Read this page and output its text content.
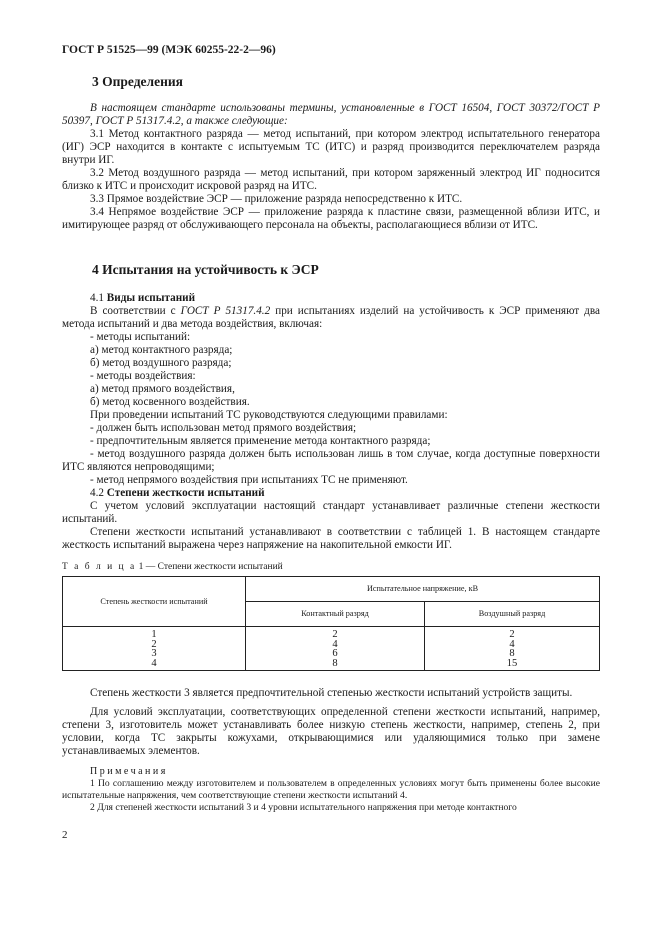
ГОСТ Р 51525—99 (МЭК 60255-22-2—96)
3 Определения

В настоящем стандарте использованы термины, установленные в ГОСТ 16504, ГОСТ 30372/ГОСТ Р 50397, ГОСТ Р 51317.4.2, а также следующие:

3.1 Метод контактного разряда — метод испытаний, при котором электрод испытательного генератора (ИГ) ЭСР находится в контакте с испытуемым ТС (ИТС) и разряд производится переключателем разряда внутри ИГ.

3.2 Метод воздушного разряда — метод испытаний, при котором заряженный электрод ИГ подносится близко к ИТС и происходит искровой разряд на ИТС.

3.3 Прямое воздействие ЭСР — приложение разряда непосредственно к ИТС.

3.4 Непрямое воздействие ЭСР — приложение разряда к пластине связи, размещенной вблизи ИТС, и имитирующее разряд от обслуживающего персонала на объекты, располагающиеся вблизи от ИТС.

4 Испытания на устойчивость к ЭСР

4.1 Виды испытаний

В соответствии с ГОСТ Р 51317.4.2 при испытаниях изделий на устойчивость к ЭСР применяют два метода испытаний и два метода воздействия, включая:

- методы испытаний:

а) метод контактного разряда;

б) метод воздушного разряда;

- методы воздействия:

а) метод прямого воздействия,

б) метод косвенного воздействия.

При проведении испытаний ТС руководствуются следующими правилами:

- должен быть использован метод прямого воздействия;

- предпочтительным является применение метода контактного разряда;

- метод воздушного разряда должен быть использован лишь в том случае, когда доступные поверхности ИТС являются непроводящими;

- метод непрямого воздействия при испытаниях ТС не применяют.

4.2 Степени жесткости испытаний

С учетом условий эксплуатации настоящий стандарт устанавливает различные степени жесткости испытаний.

Степени жесткости испытаний устанавливают в соответствии с таблицей 1. В настоящем стандарте жесткость испытаний выражена через напряжение на накопительной емкости ИГ.

Т а б л и ц а 1 — Степени жесткости испытаний
Степень жесткости испытаний	Испытательное напряжение, кВ	
	Контактный разряд	Воздушный разряд
1	2	2
2	4	4
3	6	8
4	8	15

Степень жесткости 3 является предпочтительной степенью жесткости испытаний устройств защиты.

Для условий эксплуатации, соответствующих определенной степени жесткости испытаний, например, степени 3, изготовитель может устанавливать более низкую степень жесткости, например, степень 2, при условии, когда ТС закрыты кожухами, открывающимися или удаляющимися только при замене устанавливаемых элементов.

Примечания

1 По соглашению между изготовителем и пользователем в определенных условиях могут быть применены более высокие испытательные напряжения, чем соответствующие степени жесткости испытаний 4.

2 Для степеней жесткости испытаний 3 и 4 уровни испытательного напряжения при методе контактного

2
